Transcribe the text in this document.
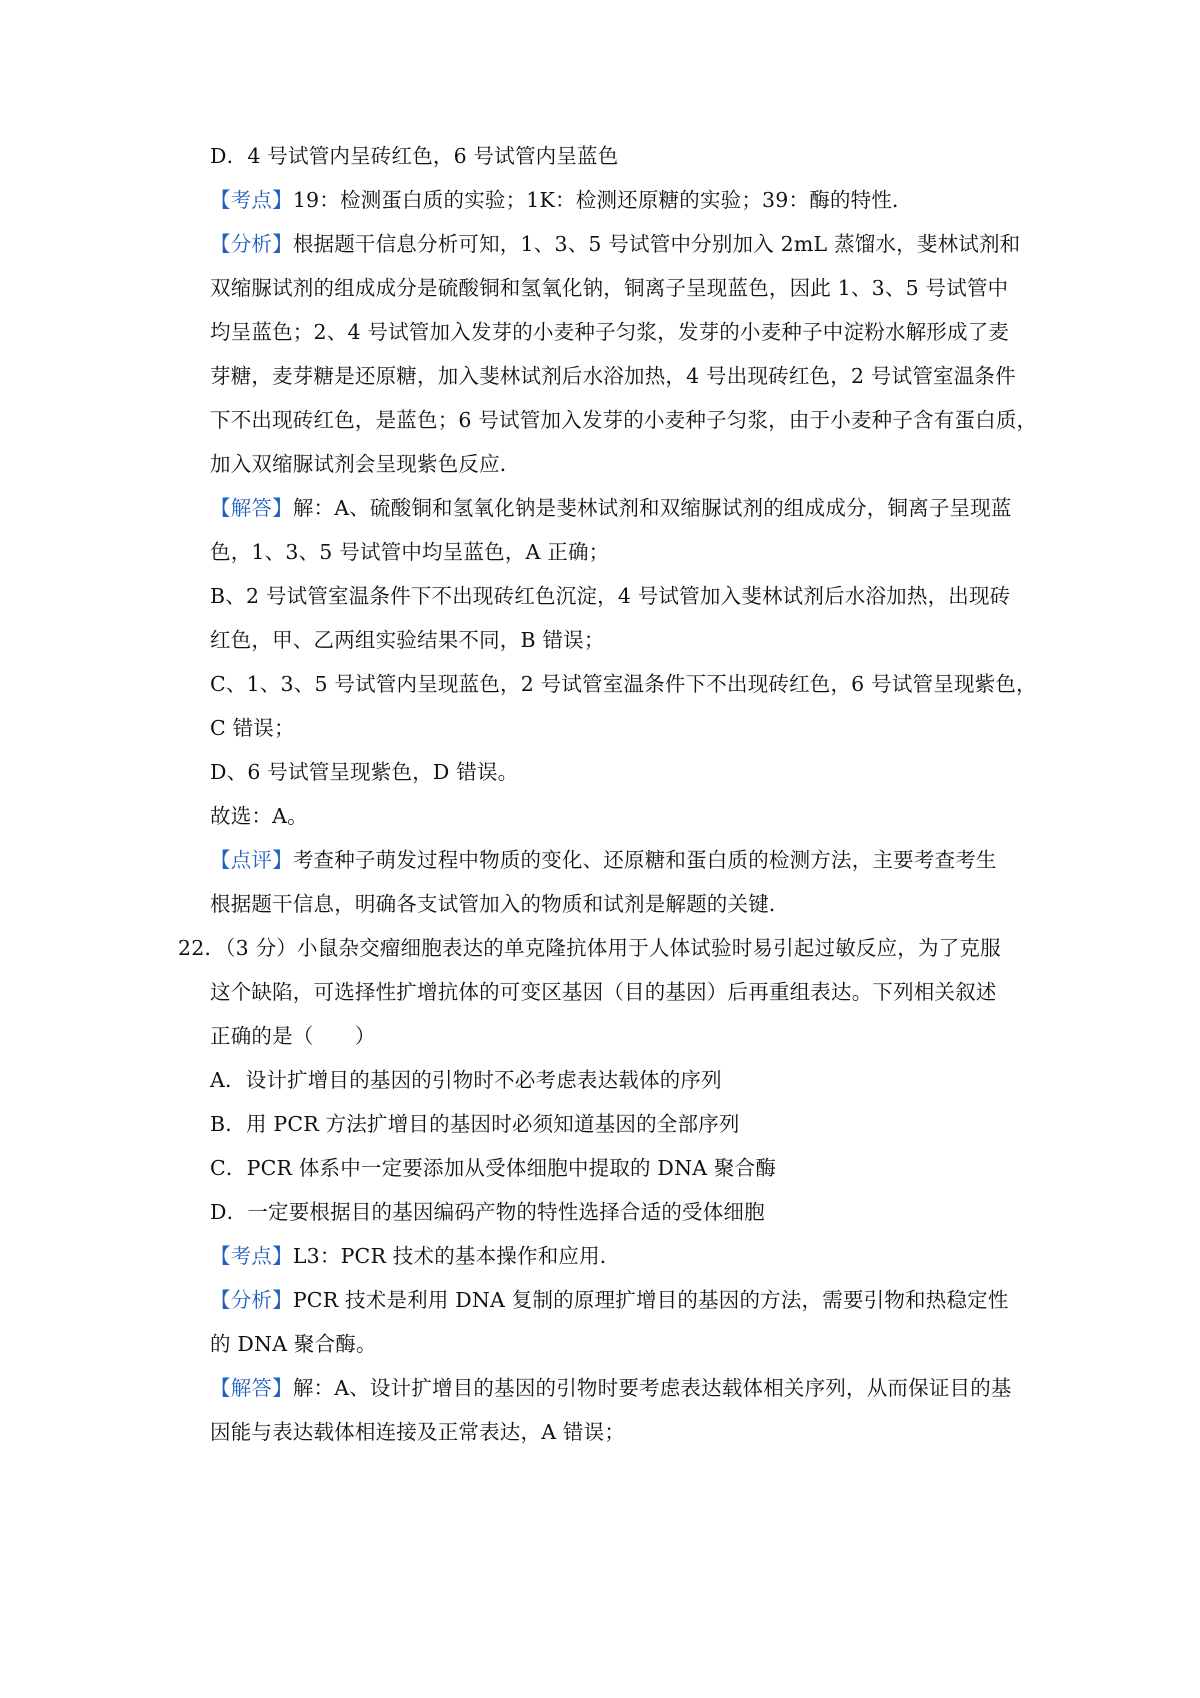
D．4 号试管内呈砖红色，6 号试管内呈蓝色
【考点】19：检测蛋白质的实验；1K：检测还原糖的实验；39：酶的特性．
【分析】根据题干信息分析可知，1、3、5 号试管中分别加入 2mL 蒸馏水，斐林试剂和
双缩脲试剂的组成成分是硫酸铜和氢氧化钠，铜离子呈现蓝色，因此 1、3、5 号试管中
均呈蓝色；2、4 号试管加入发芽的小麦种子匀浆，发芽的小麦种子中淀粉水解形成了麦
芽糖，麦芽糖是还原糖，加入斐林试剂后水浴加热，4 号出现砖红色，2 号试管室温条件
下不出现砖红色，是蓝色；6 号试管加入发芽的小麦种子匀浆，由于小麦种子含有蛋白质，
加入双缩脲试剂会呈现紫色反应．
【解答】解：A、硫酸铜和氢氧化钠是斐林试剂和双缩脲试剂的组成成分，铜离子呈现蓝
色，1、3、5 号试管中均呈蓝色，A 正确；
B、2 号试管室温条件下不出现砖红色沉淀，4 号试管加入斐林试剂后水浴加热，出现砖
红色，甲、乙两组实验结果不同，B 错误；
C、1、3、5 号试管内呈现蓝色，2 号试管室温条件下不出现砖红色，6 号试管呈现紫色，
C 错误；
D、6 号试管呈现紫色，D 错误。
故选：A。
【点评】考查种子萌发过程中物质的变化、还原糖和蛋白质的检测方法，主要考查考生
根据题干信息，明确各支试管加入的物质和试剂是解题的关键．
22．（3 分）小鼠杂交瘤细胞表达的单克隆抗体用于人体试验时易引起过敏反应，为了克服
这个缺陷，可选择性扩增抗体的可变区基因（目的基因）后再重组表达。下列相关叙述
正确的是（　　）
A．设计扩增目的基因的引物时不必考虑表达载体的序列
B．用 PCR 方法扩增目的基因时必须知道基因的全部序列
C．PCR 体系中一定要添加从受体细胞中提取的 DNA 聚合酶
D．一定要根据目的基因编码产物的特性选择合适的受体细胞
【考点】L3：PCR 技术的基本操作和应用．
【分析】PCR 技术是利用 DNA 复制的原理扩增目的基因的方法，需要引物和热稳定性
的 DNA 聚合酶。
【解答】解：A、设计扩增目的基因的引物时要考虑表达载体相关序列，从而保证目的基
因能与表达载体相连接及正常表达，A 错误；
